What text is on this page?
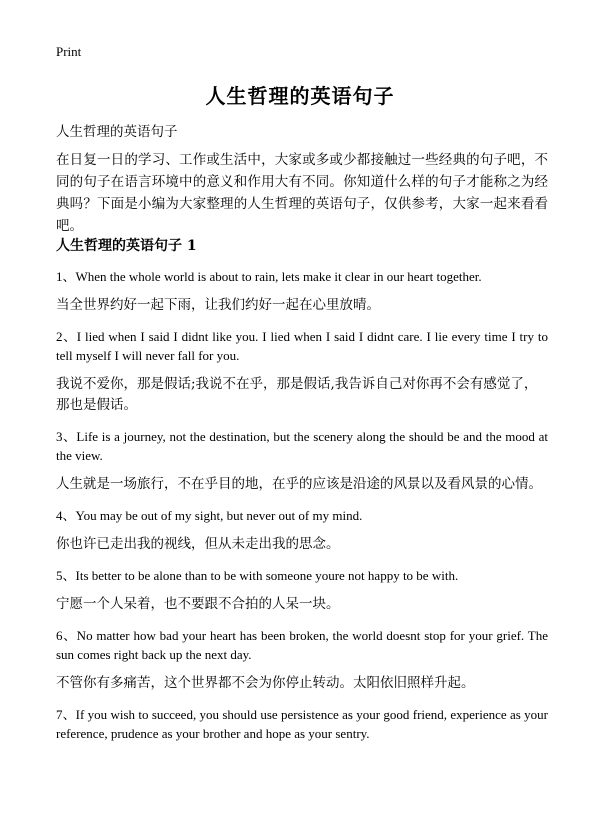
Print
人生哲理的英语句子

人生哲理的英语句子

在日复一日的学习、工作或生活中，大家或多或少都接触过一些经典的句子吧，不同的句子在语言环境中的意义和作用大有不同。你知道什么样的句子才能称之为经典吗？下面是小编为大家整理的人生哲理的英语句子，仅供参考，大家一起来看看吧。

人生哲理的英语句子 1

1、When the whole world is about to rain, lets make it clear in our heart together.

当全世界约好一起下雨，让我们约好一起在心里放晴。

2、I lied when I said I didnt like you. I lied when I said I didnt care. I lie every time I try to tell myself I will never fall for you.

我说不爱你，那是假话;我说不在乎，那是假话,我告诉自己对你再不会有感觉了，那也是假话。

3、Life is a journey, not the destination, but the scenery along the should be and the mood at the view.

人生就是一场旅行，不在乎目的地，在乎的应该是沿途的风景以及看风景的心情。

4、You may be out of my sight, but never out of my mind.

你也许已走出我的视线，但从未走出我的思念。

5、Its better to be alone than to be with someone youre not happy to be with.

宁愿一个人呆着，也不要跟不合拍的人呆一块。

6、No matter how bad your heart has been broken, the world doesnt stop for your grief. The sun comes right back up the next day.

不管你有多痛苦，这个世界都不会为你停止转动。太阳依旧照样升起。

7、If you wish to succeed, you should use persistence as your good friend, experience as your reference, prudence as your brother and hope as your sentry.
